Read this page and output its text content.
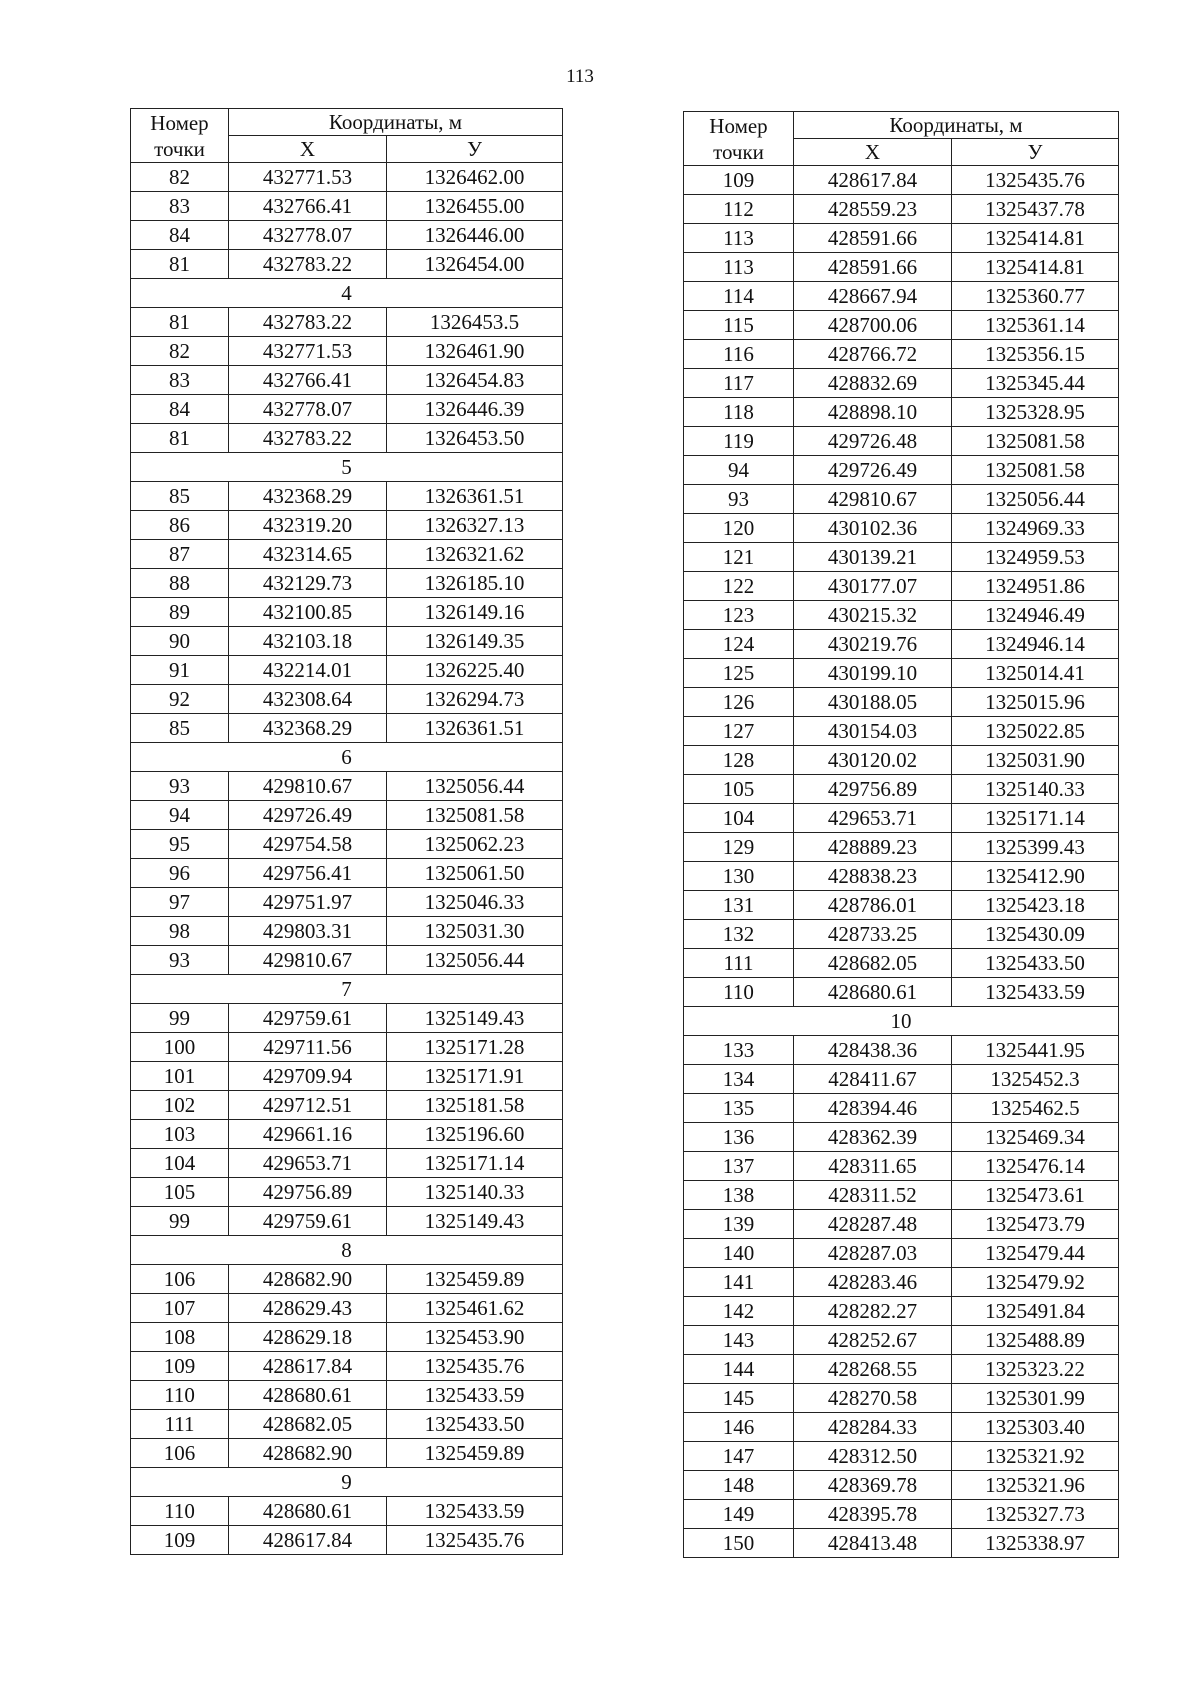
113
Номер
точки	Координаты, м	
	X	У
82	432771.53	1326462.00
83	432766.41	1326455.00
84	432778.07	1326446.00
81	432783.22	1326454.00
4		
81	432783.22	1326453.5
82	432771.53	1326461.90
83	432766.41	1326454.83
84	432778.07	1326446.39
81	432783.22	1326453.50
5		
85	432368.29	1326361.51
86	432319.20	1326327.13
87	432314.65	1326321.62
88	432129.73	1326185.10
89	432100.85	1326149.16
90	432103.18	1326149.35
91	432214.01	1326225.40
92	432308.64	1326294.73
85	432368.29	1326361.51
6		
93	429810.67	1325056.44
94	429726.49	1325081.58
95	429754.58	1325062.23
96	429756.41	1325061.50
97	429751.97	1325046.33
98	429803.31	1325031.30
93	429810.67	1325056.44
7		
99	429759.61	1325149.43
100	429711.56	1325171.28
101	429709.94	1325171.91
102	429712.51	1325181.58
103	429661.16	1325196.60
104	429653.71	1325171.14
105	429756.89	1325140.33
99	429759.61	1325149.43
8		
106	428682.90	1325459.89
107	428629.43	1325461.62
108	428629.18	1325453.90
109	428617.84	1325435.76
110	428680.61	1325433.59
111	428682.05	1325433.50
106	428682.90	1325459.89
9		
110	428680.61	1325433.59
109	428617.84	1325435.76
Номер
точки	Координаты, м	
	X	У
109	428617.84	1325435.76
112	428559.23	1325437.78
113	428591.66	1325414.81
113	428591.66	1325414.81
114	428667.94	1325360.77
115	428700.06	1325361.14
116	428766.72	1325356.15
117	428832.69	1325345.44
118	428898.10	1325328.95
119	429726.48	1325081.58
94	429726.49	1325081.58
93	429810.67	1325056.44
120	430102.36	1324969.33
121	430139.21	1324959.53
122	430177.07	1324951.86
123	430215.32	1324946.49
124	430219.76	1324946.14
125	430199.10	1325014.41
126	430188.05	1325015.96
127	430154.03	1325022.85
128	430120.02	1325031.90
105	429756.89	1325140.33
104	429653.71	1325171.14
129	428889.23	1325399.43
130	428838.23	1325412.90
131	428786.01	1325423.18
132	428733.25	1325430.09
111	428682.05	1325433.50
110	428680.61	1325433.59
10		
133	428438.36	1325441.95
134	428411.67	1325452.3
135	428394.46	1325462.5
136	428362.39	1325469.34
137	428311.65	1325476.14
138	428311.52	1325473.61
139	428287.48	1325473.79
140	428287.03	1325479.44
141	428283.46	1325479.92
142	428282.27	1325491.84
143	428252.67	1325488.89
144	428268.55	1325323.22
145	428270.58	1325301.99
146	428284.33	1325303.40
147	428312.50	1325321.92
148	428369.78	1325321.96
149	428395.78	1325327.73
150	428413.48	1325338.97
